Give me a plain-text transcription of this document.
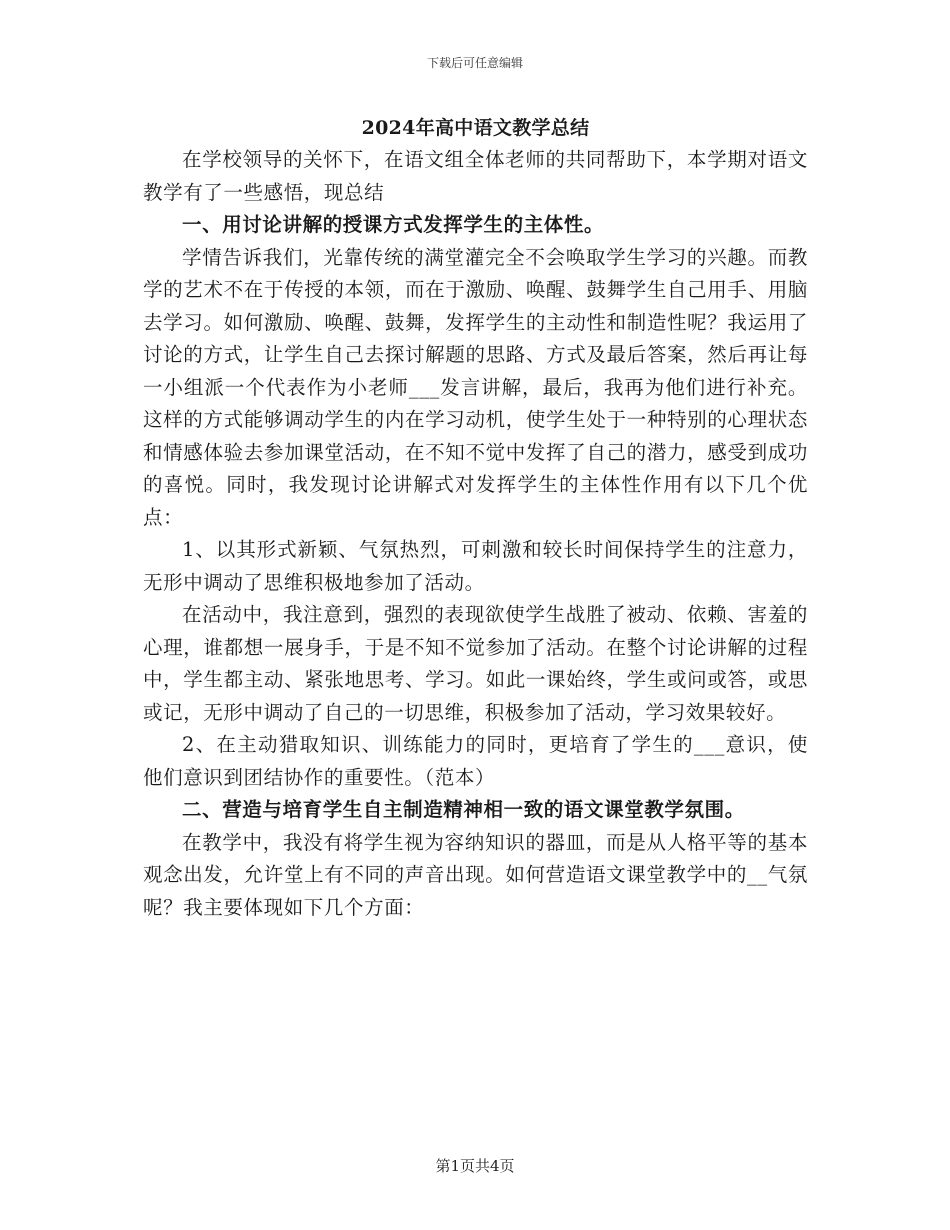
下载后可任意编辑
2024年高中语文教学总结

在学校领导的关怀下，在语文组全体老师的共同帮助下，本学期对语文教学有了一些感悟，现总结

一、用讨论讲解的授课方式发挥学生的主体性。

学情告诉我们，光靠传统的满堂灌完全不会唤取学生学习的兴趣。而教学的艺术不在于传授的本领，而在于激励、唤醒、鼓舞学生自己用手、用脑去学习。如何激励、唤醒、鼓舞，发挥学生的主动性和制造性呢？我运用了讨论的方式，让学生自己去探讨解题的思路、方式及最后答案，然后再让每一小组派一个代表作为小老师___发言讲解，最后，我再为他们进行补充。这样的方式能够调动学生的内在学习动机，使学生处于一种特别的心理状态和情感体验去参加课堂活动，在不知不觉中发挥了自己的潜力，感受到成功的喜悦。同时，我发现讨论讲解式对发挥学生的主体性作用有以下几个优点：

1、以其形式新颖、气氛热烈，可刺激和较长时间保持学生的注意力，无形中调动了思维积极地参加了活动。

在活动中，我注意到，强烈的表现欲使学生战胜了被动、依赖、害羞的心理，谁都想一展身手，于是不知不觉参加了活动。在整个讨论讲解的过程中，学生都主动、紧张地思考、学习。如此一课始终，学生或问或答，或思或记，无形中调动了自己的一切思维，积极参加了活动，学习效果较好。

2、在主动猎取知识、训练能力的同时，更培育了学生的___意识，使他们意识到团结协作的重要性。（范本）

二、营造与培育学生自主制造精神相一致的语文课堂教学氛围。

在教学中，我没有将学生视为容纳知识的器皿，而是从人格平等的基本观念出发，允许堂上有不同的声音出现。如何营造语文课堂教学中的__气氛呢？我主要体现如下几个方面：

第1页共4页
